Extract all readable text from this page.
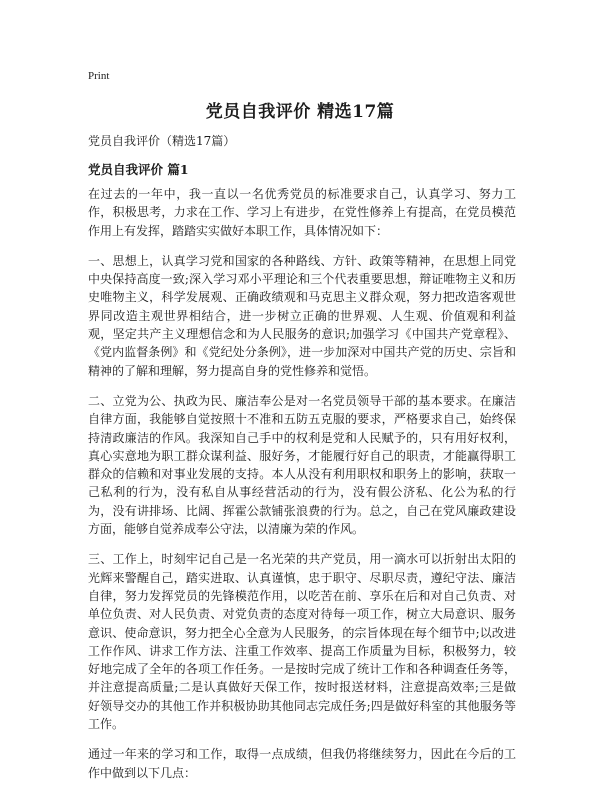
Print
党员自我评价 精选17篇
党员自我评价（精选17篇）
党员自我评价 篇1

在过去的一年中，我一直以一名优秀党员的标准要求自己，认真学习、努力工作，积极思考，力求在工作、学习上有进步，在党性修养上有提高，在党员模范作用上有发挥，踏踏实实做好本职工作，具体情况如下：

一、思想上，认真学习党和国家的各种路线、方针、政策等精神，在思想上同党中央保持高度一致;深入学习邓小平理论和三个代表重要思想，辩证唯物主义和历史唯物主义，科学发展观、正确政绩观和马克思主义群众观，努力把改造客观世界同改造主观世界相结合，进一步树立正确的世界观、人生观、价值观和利益观，坚定共产主义理想信念和为人民服务的意识;加强学习《中国共产党章程》、《党内监督条例》和《党纪处分条例》，进一步加深对中国共产党的历史、宗旨和精神的了解和理解，努力提高自身的党性修养和觉悟。

二、立党为公、执政为民、廉洁奉公是对一名党员领导干部的基本要求。在廉洁自律方面，我能够自觉按照十不准和五防五克服的要求，严格要求自己，始终保持清政廉洁的作风。我深知自己手中的权利是党和人民赋予的，只有用好权利，真心实意地为职工群众谋利益、服好务，才能履行好自己的职责，才能赢得职工群众的信赖和对事业发展的支持。本人从没有利用职权和职务上的影响，获取一己私利的行为，没有私自从事经营活动的行为，没有假公济私、化公为私的行为，没有讲排场、比阔、挥霍公款铺张浪费的行为。总之，自己在党风廉政建设方面，能够自觉养成奉公守法，以清廉为荣的作风。

三、工作上，时刻牢记自己是一名光荣的共产党员，用一滴水可以折射出太阳的光辉来警醒自己，踏实进取、认真谨慎，忠于职守、尽职尽责，遵纪守法、廉洁自律，努力发挥党员的先锋模范作用，以吃苦在前、享乐在后和对自己负责、对单位负责、对人民负责、对党负责的态度对待每一项工作，树立大局意识、服务意识、使命意识，努力把全心全意为人民服务，的宗旨体现在每个细节中;以改进工作作风、讲求工作方法、注重工作效率、提高工作质量为目标，积极努力，较好地完成了全年的各项工作任务。一是按时完成了统计工作和各种调查任务等，并注意提高质量;二是认真做好天保工作，按时报送材料，注意提高效率;三是做好领导交办的其他工作并积极协助其他同志完成任务;四是做好科室的其他服务等工作。

通过一年来的学习和工作，取得一点成绩，但我仍将继续努力，因此在今后的工作中做到以下几点：
